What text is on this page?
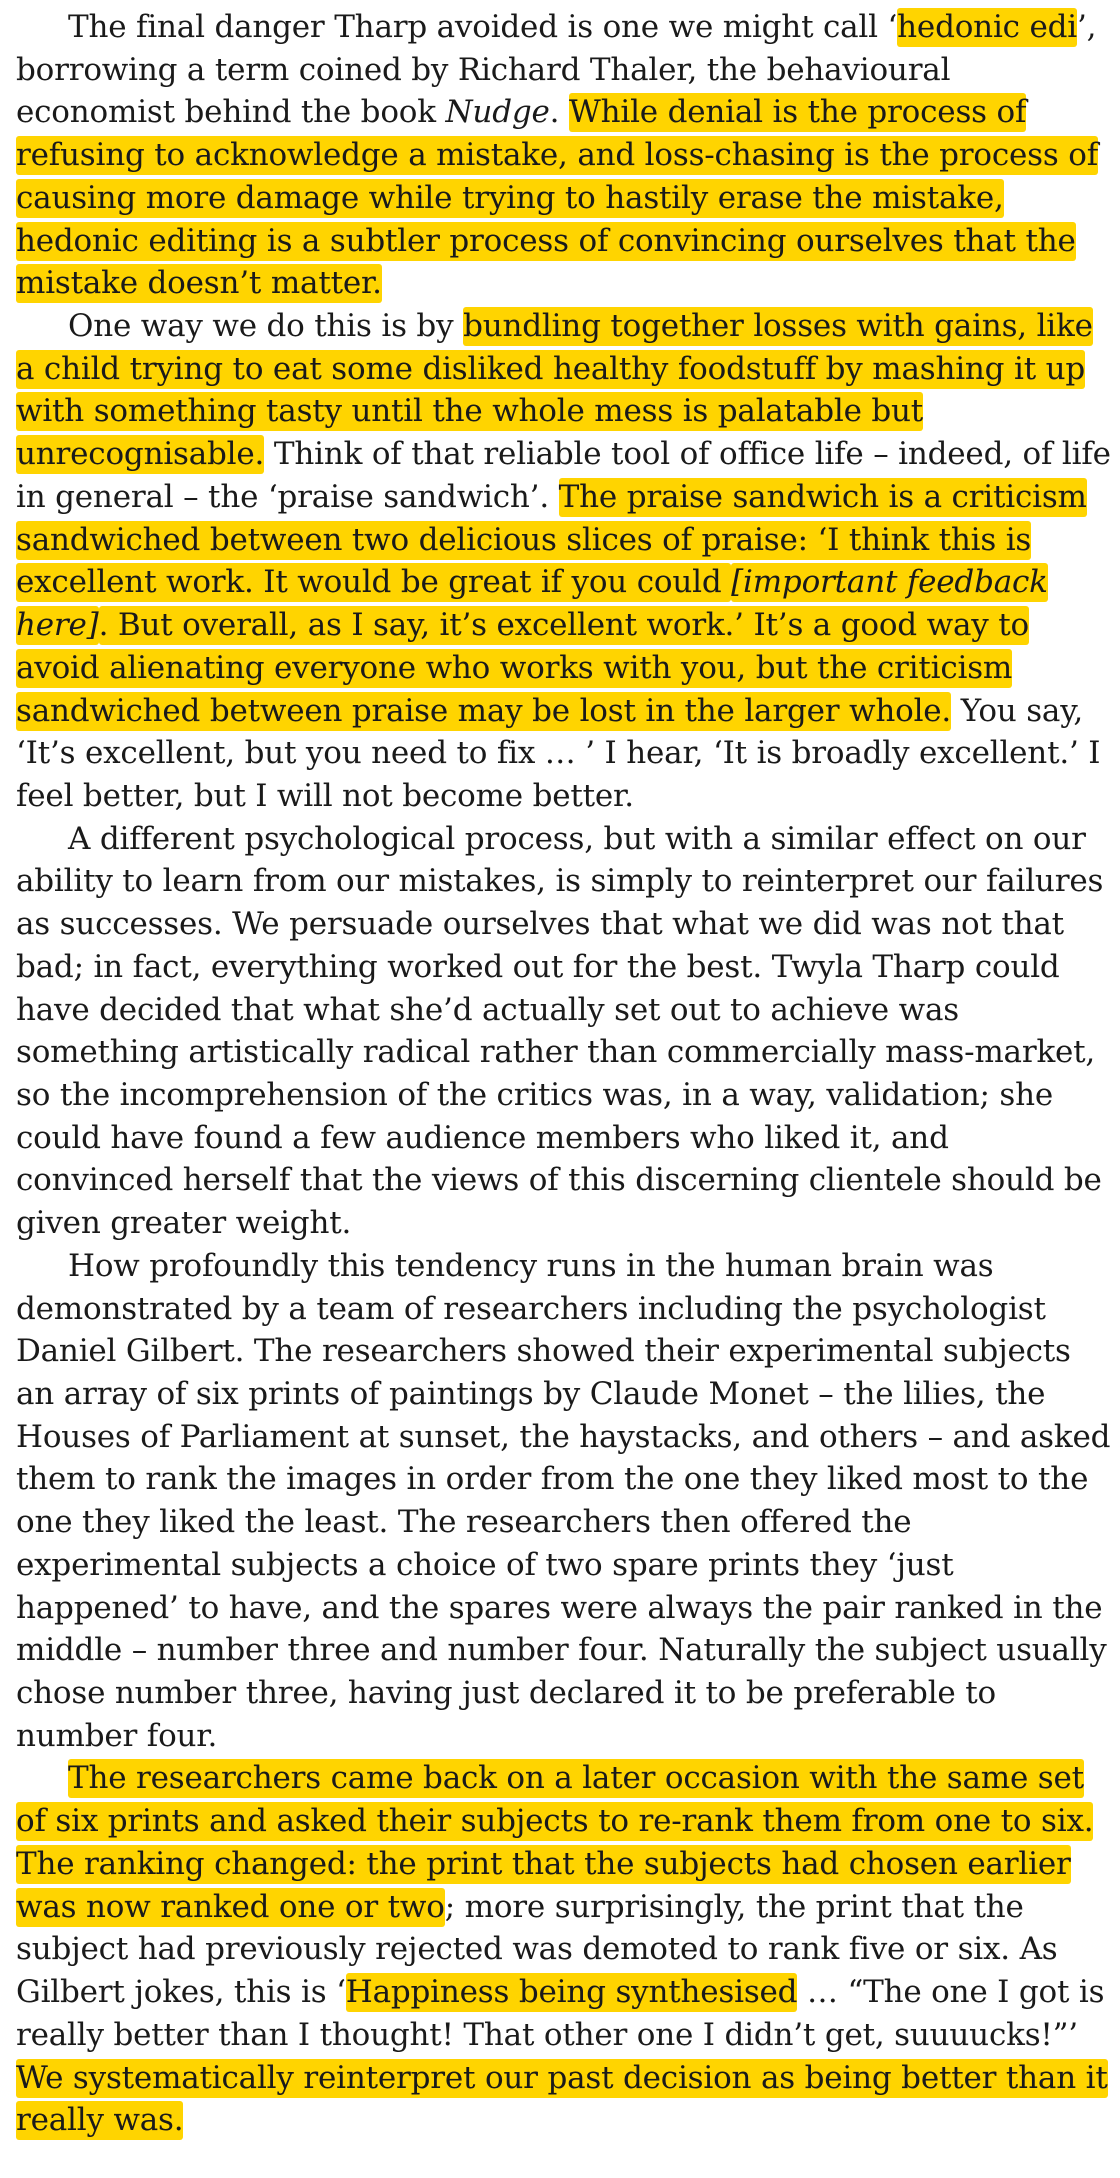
The final danger Tharp avoided is one we might call ‘hedonic edi’, borrowing a term coined by Richard Thaler, the behavioural economist behind the book Nudge. While denial is the process of refusing to acknowledge a mistake, and loss-chasing is the process of causing more damage while trying to hastily erase the mistake, hedonic editing is a subtler process of convincing ourselves that the mistake doesn’t matter.

One way we do this is by bundling together losses with gains, like a child trying to eat some disliked healthy foodstuff by mashing it up with something tasty until the whole mess is palatable but unrecognisable. Think of that reliable tool of office life – indeed, of life in general – the ‘praise sandwich’. The praise sandwich is a criticism sandwiched between two delicious slices of praise: ‘I think this is excellent work. It would be great if you could [important feedback here]. But overall, as I say, it’s excellent work.’ It’s a good way to avoid alienating everyone who works with you, but the criticism sandwiched between praise may be lost in the larger whole. You say, ‘It’s excellent, but you need to fix … ’ I hear, ‘It is broadly excellent.’ I feel better, but I will not become better.

A different psychological process, but with a similar effect on our ability to learn from our mistakes, is simply to reinterpret our failures as successes. We persuade ourselves that what we did was not that bad; in fact, everything worked out for the best. Twyla Tharp could have decided that what she’d actually set out to achieve was something artistically radical rather than commercially mass-market, so the incomprehension of the critics was, in a way, validation; she could have found a few audience members who liked it, and convinced herself that the views of this discerning clientele should be given greater weight.

How profoundly this tendency runs in the human brain was demonstrated by a team of researchers including the psychologist Daniel Gilbert. The researchers showed their experimental subjects an array of six prints of paintings by Claude Monet – the lilies, the Houses of Parliament at sunset, the haystacks, and others – and asked them to rank the images in order from the one they liked most to the one they liked the least. The researchers then offered the experimental subjects a choice of two spare prints they ‘just happened’ to have, and the spares were always the pair ranked in the middle – number three and number four. Naturally the subject usually chose number three, having just declared it to be preferable to number four.

The researchers came back on a later occasion with the same set of six prints and asked their subjects to re-rank them from one to six. The ranking changed: the print that the subjects had chosen earlier was now ranked one or two; more surprisingly, the print that the subject had previously rejected was demoted to rank five or six. As Gilbert jokes, this is ‘Happiness being synthesised … “The one I got is really better than I thought! That other one I didn’t get, suuuucks!”’ We systematically reinterpret our past decision as being better than it really was.
